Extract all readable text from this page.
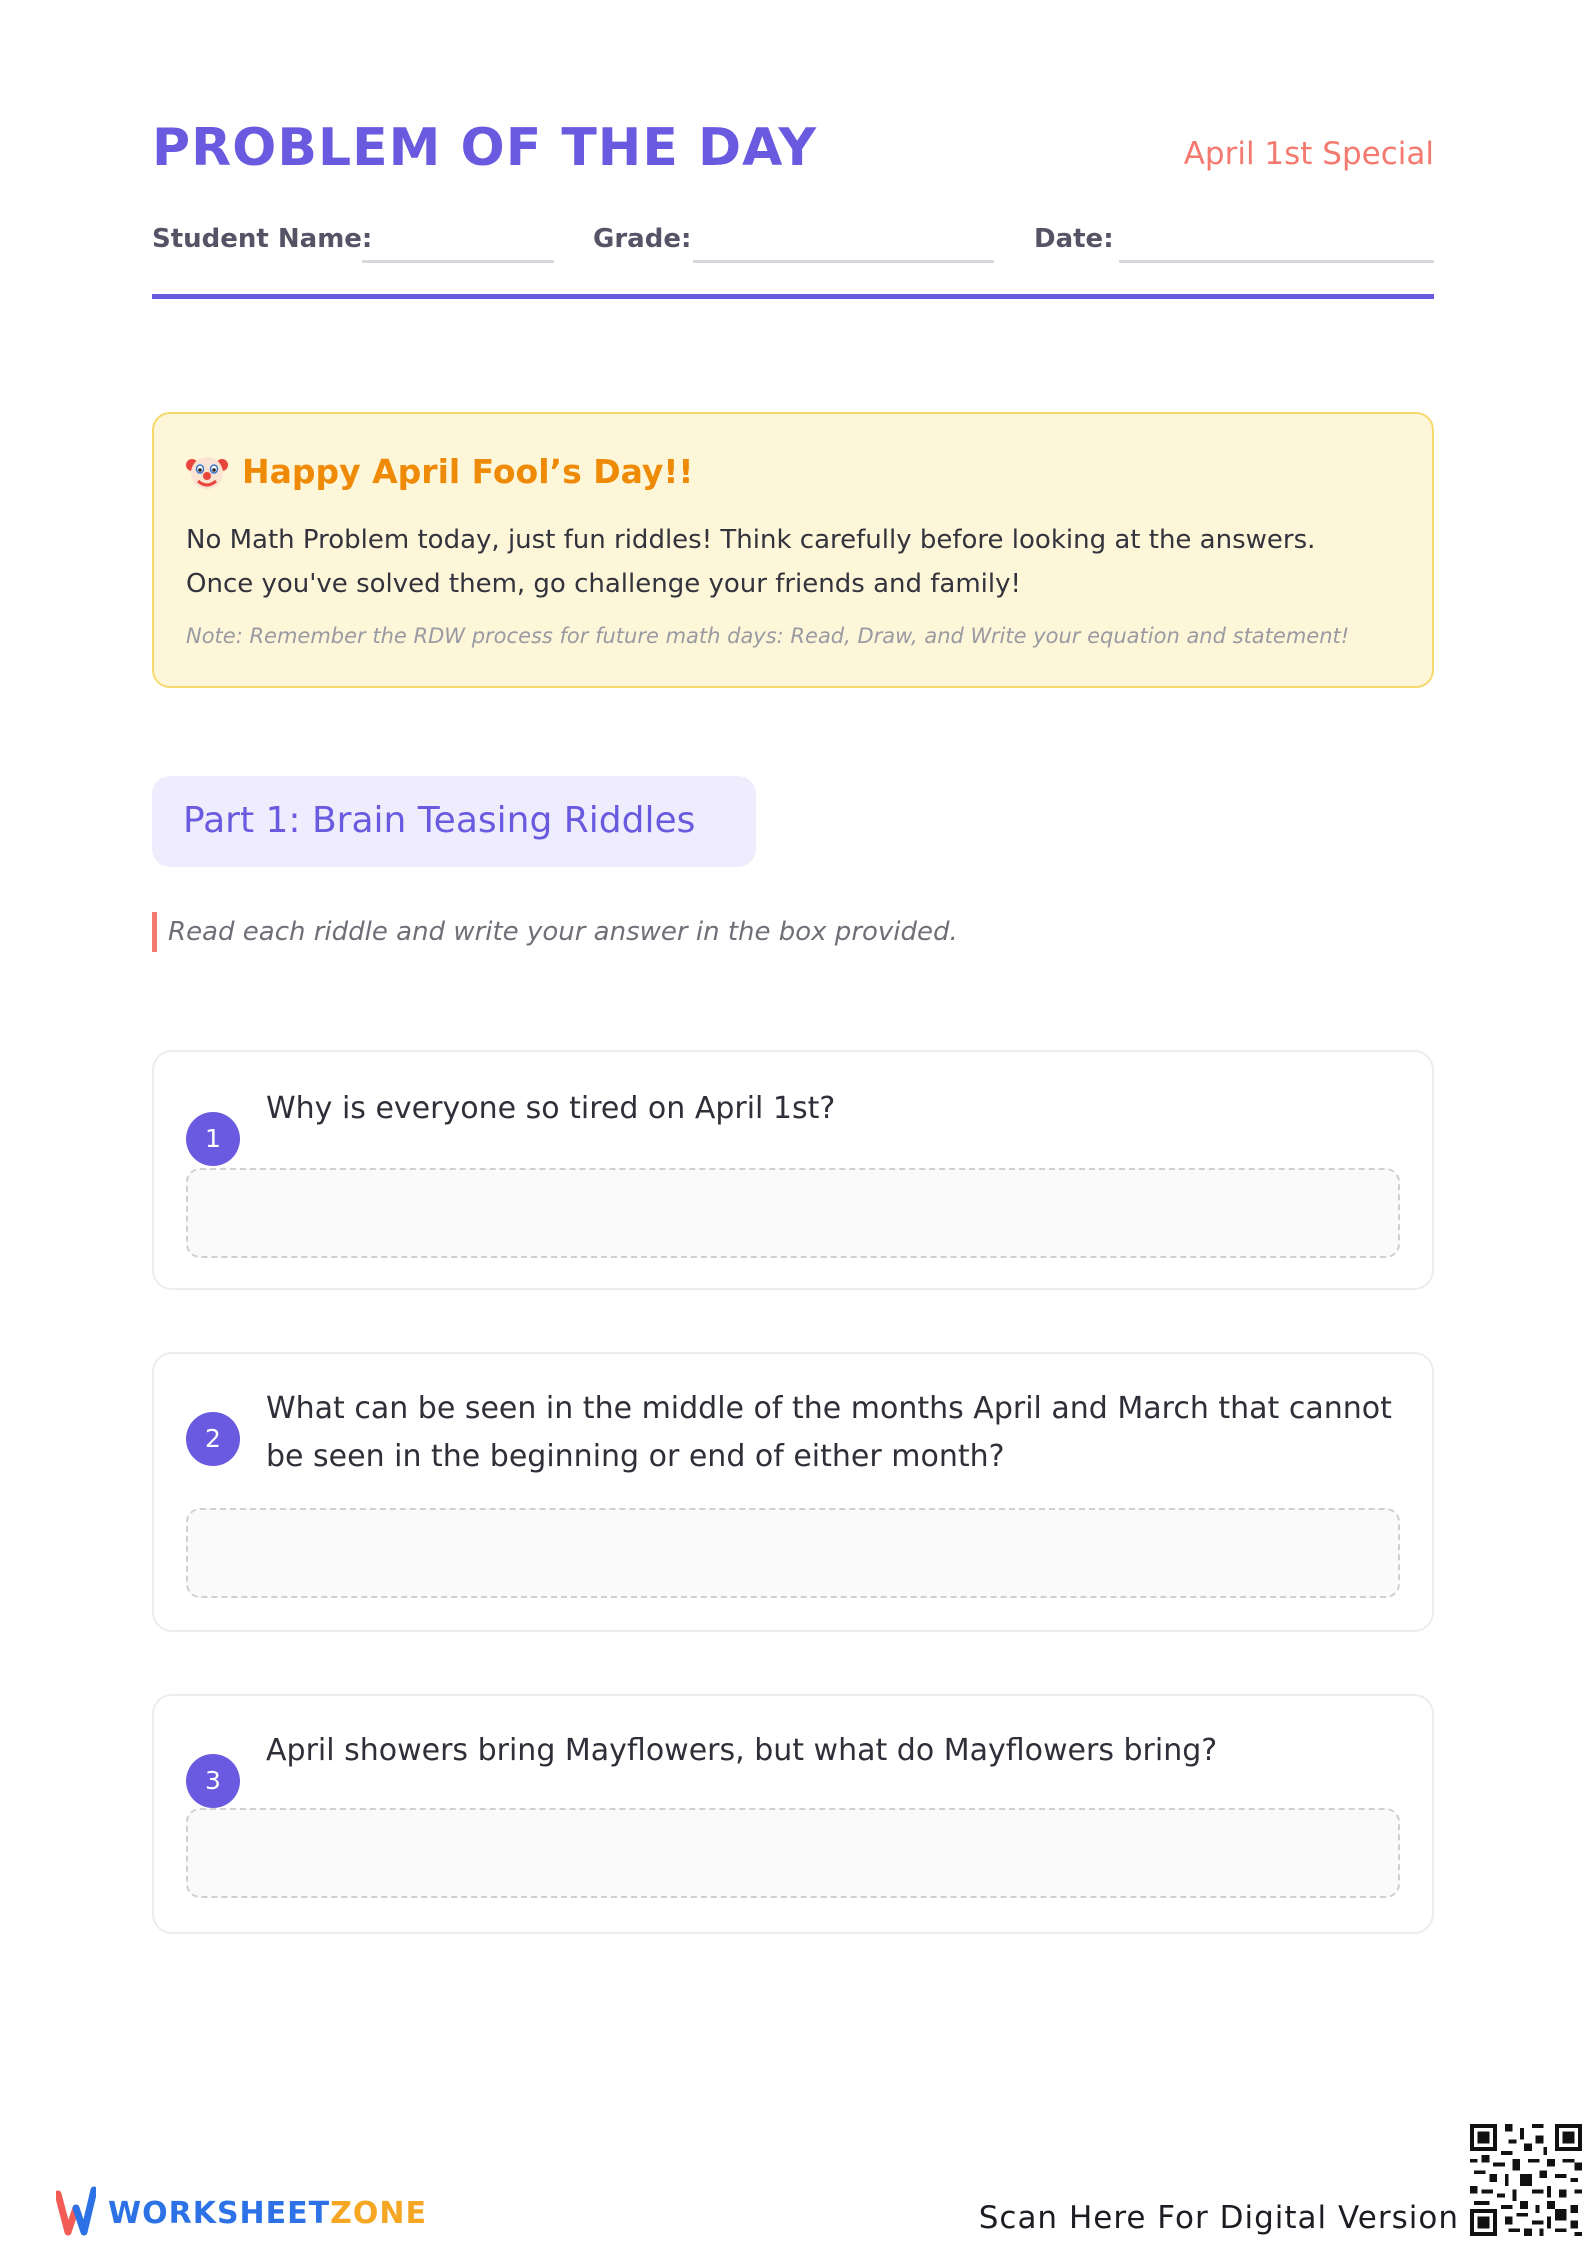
PROBLEM OF THE DAY	April 1st Special
Student Name:	Grade:	Date:
Happy April Fool’s Day!!
No Math Problem today, just fun riddles! Think carefully before looking at the answers. Once you've solved them, go challenge your friends and family!
Note: Remember the RDW process for future math days: Read, Draw, and Write your equation and statement!
Part 1: Brain Teasing Riddles
Read each riddle and write your answer in the box provided.
1
Why is everyone so tired on April 1st?
2
What can be seen in the middle of the months April and March that cannot be seen in the beginning or end of either month?
3
April showers bring Mayflowers, but what do Mayflowers bring?
WORKSHEETZONE	Scan Here For Digital Version
